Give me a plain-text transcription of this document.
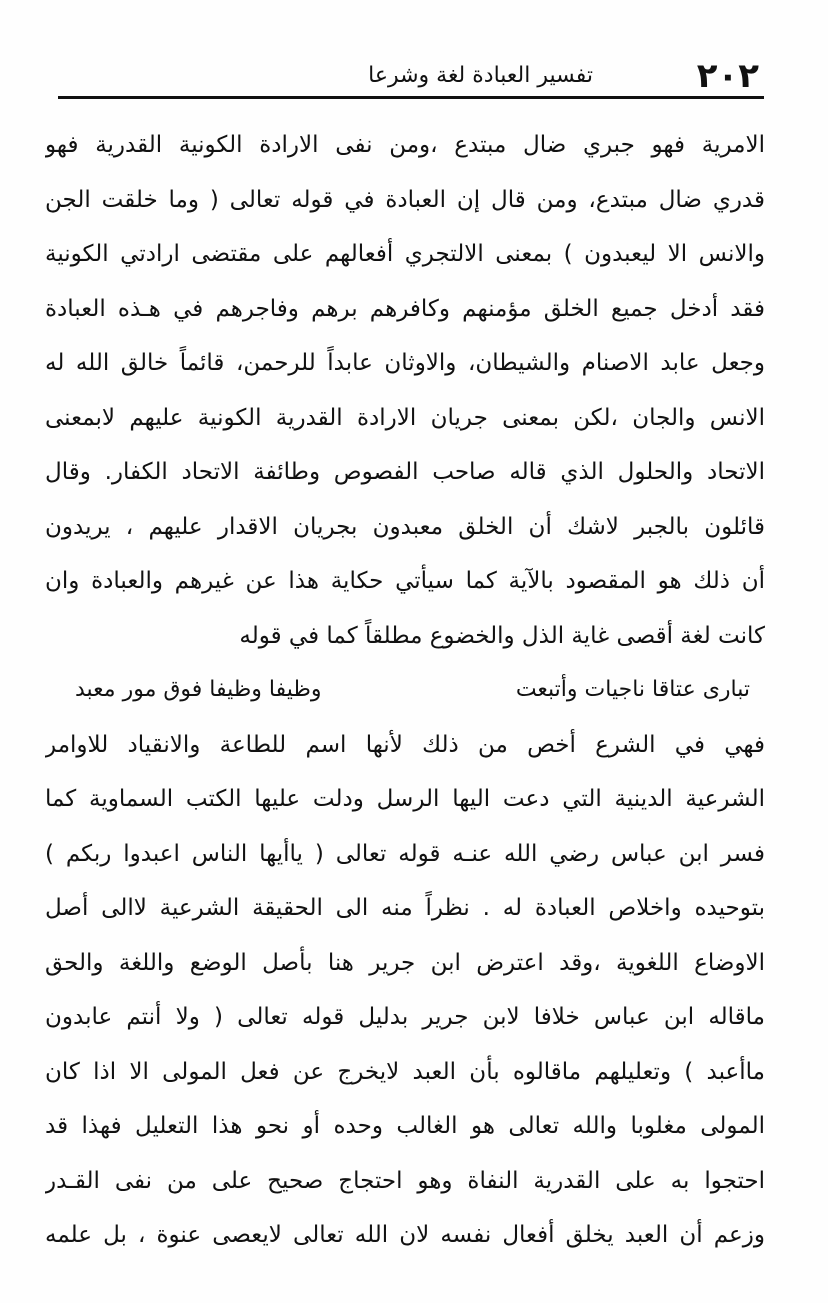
٢٠٢
تفسير العبادة لغة وشرعا
الامرية فهو جبري ضال مبتدع ،ومن نفى الارادة الكونية القدرية فهو
قدري ضال مبتدع، ومن قال إن العبادة في قوله تعالى ( وما خلقت الجن
والانس الا ليعبدون ) بمعنى الالتجري أفعالهم على مقتضى ارادتي الكونية
فقد أدخل جميع الخلق مؤمنهم وكافرهم برهم وفاجرهم في هـذه العبادة
وجعل عابد الاصنام والشيطان، والاوثان عابداً للرحمن، قائماً خالق الله له
الانس والجان ،لكن بمعنى جريان الارادة القدرية الكونية عليهم لابمعنى
الاتحاد والحلول الذي قاله صاحب الفصوص وطائفة الاتحاد الكفار. وقال
قائلون بالجبر لاشك أن الخلق معبدون بجريان الاقدار عليهم ، يريدون
أن ذلك هو المقصود بالآية كما سيأتي حكاية هذا عن غيرهم والعبادة وان
كانت لغة أقصى غاية الذل والخضوع مطلقاً كما في قوله
تبارى عتاقا ناجيات وأتبعت
وظيفا وظيفا فوق مور معبد
فهي في الشرع أخص من ذلك لأنها اسم للطاعة والانقياد للاوامر
الشرعية الدينية التي دعت اليها الرسل ودلت عليها الكتب السماوية كما
فسر ابن عباس رضي الله عنـه قوله تعالى ( ياأيها الناس اعبدوا ربكم )
بتوحيده واخلاص العبادة له . نظراً منه الى الحقيقة الشرعية لاالى أصل
الاوضاع اللغوية ،وقد اعترض ابن جرير هنا بأصل الوضع واللغة والحق
ماقاله ابن عباس خلافا لابن جرير بدليل قوله تعالى ( ولا أنتم عابدون
ماأعبد ) وتعليلهم ماقالوه بأن العبد لايخرج عن فعل المولى الا اذا كان
المولى مغلوبا والله تعالى هو الغالب وحده أو نحو هذا التعليل فهذا قد
احتجوا به على القدرية النفاة وهو احتجاج صحيح على من نفى القـدر
وزعم أن العبد يخلق أفعال نفسه لان الله تعالى لايعصى عنوة ، بل علمه
